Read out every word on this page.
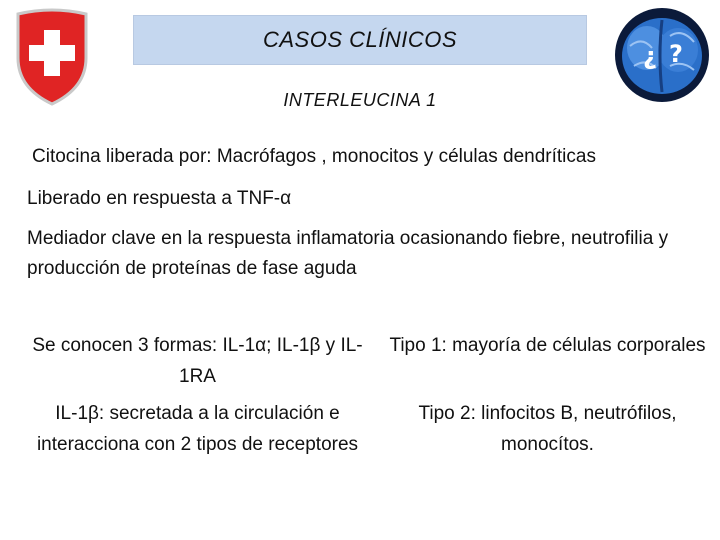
CASOS CLÍNICOS
¿ ?
INTERLEUCINA 1
Citocina liberada por: Macrófagos , monocitos y células dendríticas
Liberado en respuesta a TNF-α
Mediador clave en la respuesta inflamatoria ocasionando fiebre, neutrofilia y producción de proteínas de fase aguda
Se conocen 3 formas: IL-1α; IL-1β y IL-1RA
Tipo 1: mayoría de células corporales
IL-1β: secretada a la circulación e interacciona con 2 tipos de receptores
Tipo 2: linfocitos B, neutrófilos, monocítos.
